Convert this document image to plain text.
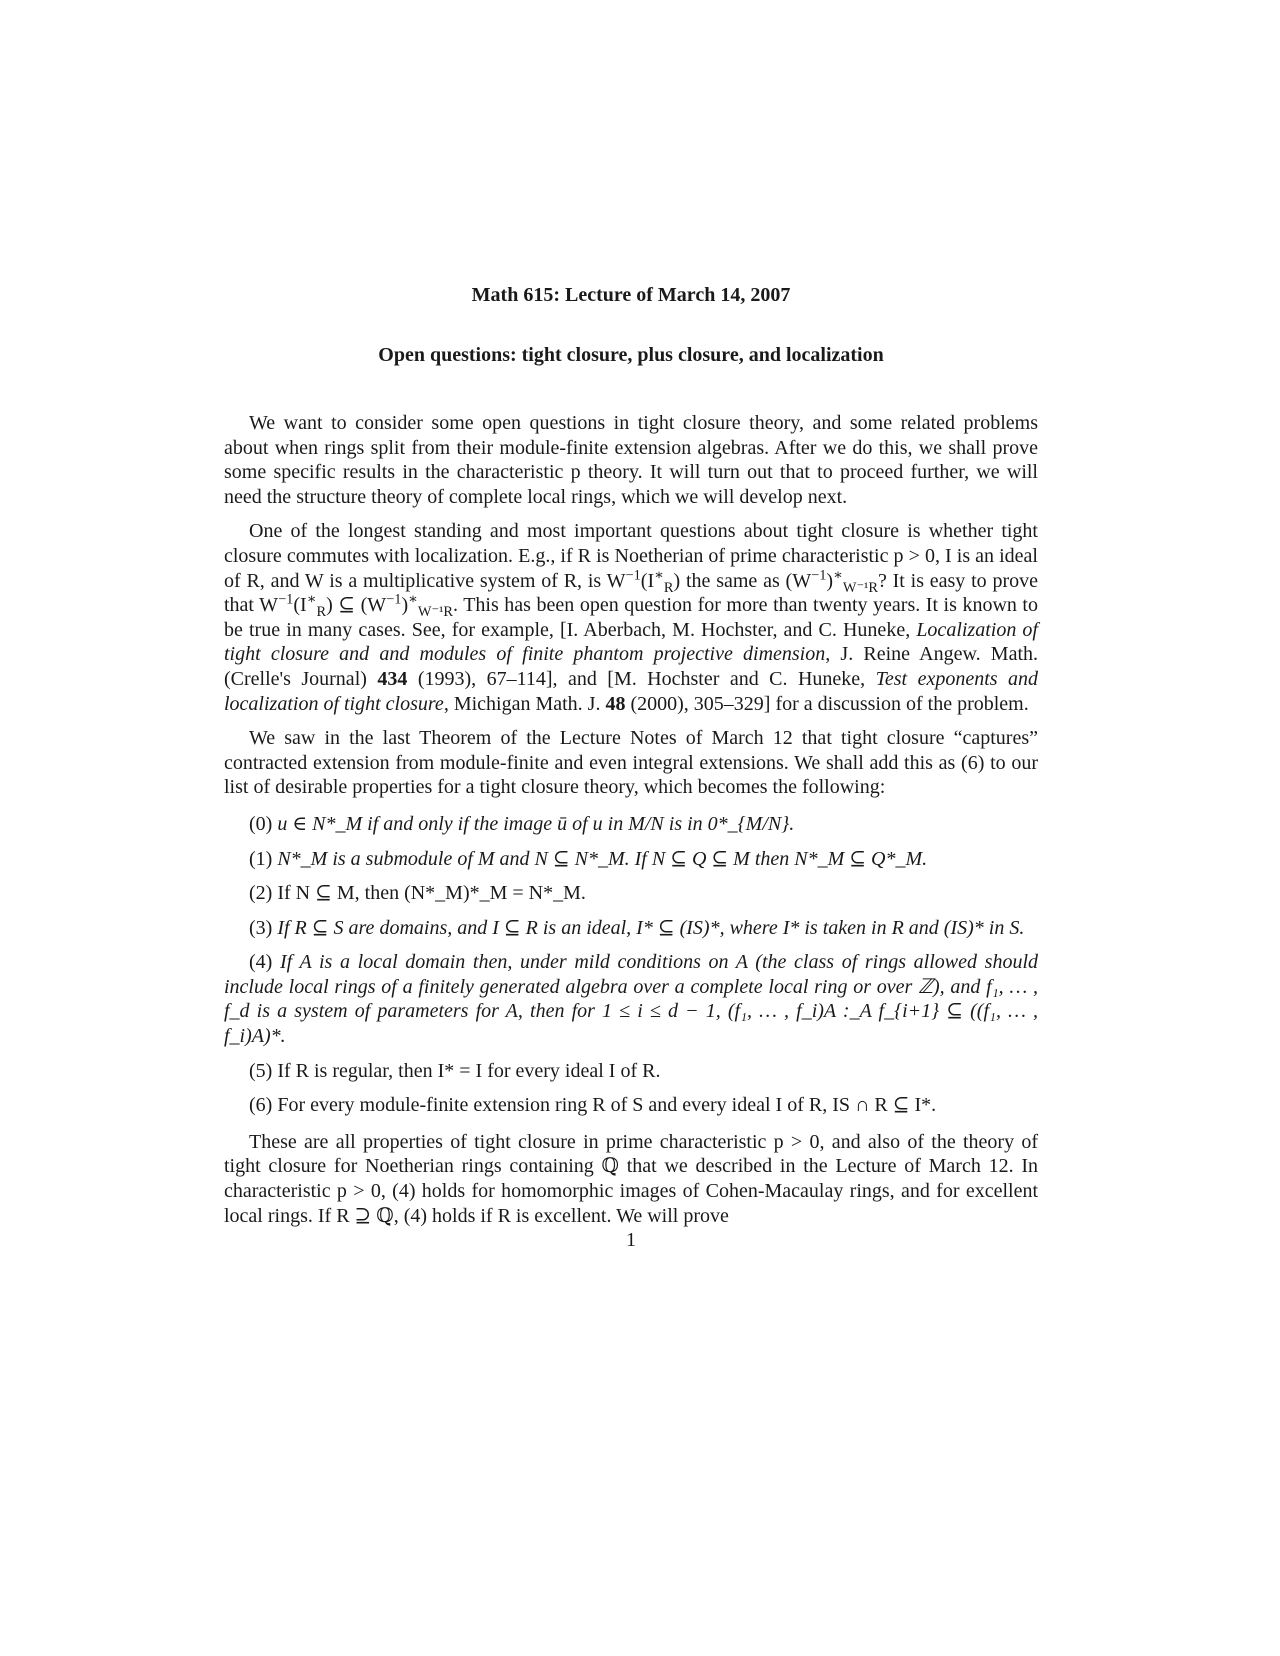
Math 615: Lecture of March 14, 2007
Open questions: tight closure, plus closure, and localization

We want to consider some open questions in tight closure theory, and some related problems about when rings split from their module-finite extension algebras. After we do this, we shall prove some specific results in the characteristic p theory. It will turn out that to proceed further, we will need the structure theory of complete local rings, which we will develop next.

One of the longest standing and most important questions about tight closure is whether tight closure commutes with localization. E.g., if R is Noetherian of prime characteristic p > 0, I is an ideal of R, and W is a multiplicative system of R, is $W^{-1}(I^∗_R)$ the same as $(W^{-1})^∗_{W^{-1}R}$? It is easy to prove that $W^{-1}(I^∗_R)$ ⊆ $(W^{-1})^∗_{W^{-1}R}$. This has been open question for more than twenty years. It is known to be true in many cases. See, for example, [I. Aberbach, M. Hochster, and C. Huneke, Localization of tight closure and and modules of finite phantom projective dimension, J. Reine Angew. Math. (Crelle's Journal) 434 (1993), 67–114], and [M. Hochster and C. Huneke, Test exponents and localization of tight closure, Michigan Math. J. 48 (2000), 305–329] for a discussion of the problem.

We saw in the last Theorem of the Lecture Notes of March 12 that tight closure “captures” contracted extension from module-finite and even integral extensions. We shall add this as (6) to our list of desirable properties for a tight closure theory, which becomes the following:

(0) u ∈ N*_M if and only if the image ū of u in M/N is in 0*_{M/N}.

(1) N*_M is a submodule of M and N ⊆ N*_M. If N ⊆ Q ⊆ M then N*_M ⊆ Q*_M.

(2) If N ⊆ M, then (N*_M)*_M = N*_M.

(3) If R ⊆ S are domains, and I ⊆ R is an ideal, I* ⊆ (IS)*, where I* is taken in R and (IS)* in S.

(4) If A is a local domain then, under mild conditions on A (the class of rings allowed should include local rings of a finitely generated algebra over a complete local ring or over ℤ), and f₁, … , f_d is a system of parameters for A, then for 1 ≤ i ≤ d − 1, (f₁, … , f_i)A :_A f_{i+1} ⊆ ((f₁, … , f_i)A)*.

(5) If R is regular, then I* = I for every ideal I of R.

(6) For every module-finite extension ring R of S and every ideal I of R, IS ∩ R ⊆ I*.

These are all properties of tight closure in prime characteristic p > 0, and also of the theory of tight closure for Noetherian rings containing ℚ that we described in the Lecture of March 12. In characteristic p > 0, (4) holds for homomorphic images of Cohen-Macaulay rings, and for excellent local rings. If R ⊇ ℚ, (4) holds if R is excellent. We will prove

1
